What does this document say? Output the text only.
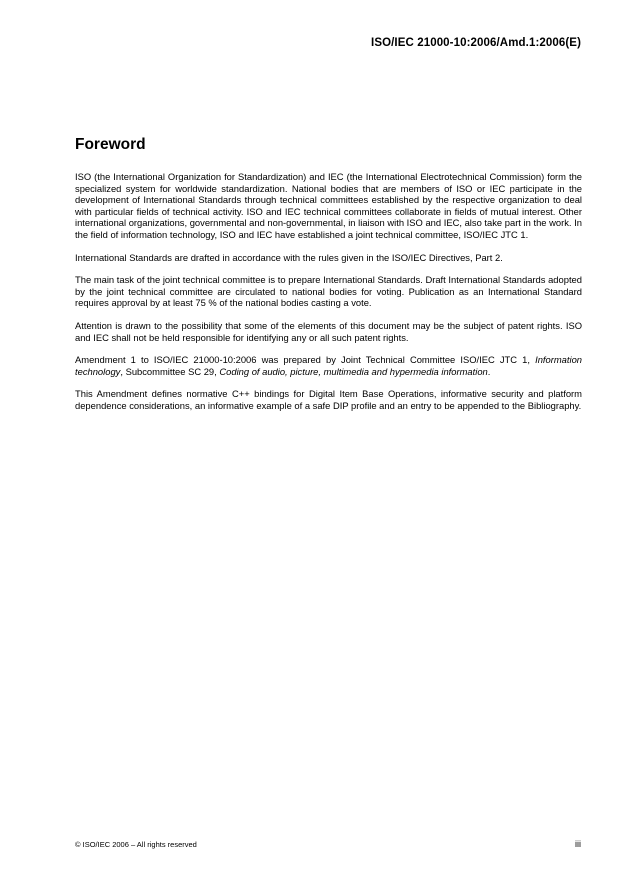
ISO/IEC 21000-10:2006/Amd.1:2006(E)
Foreword

ISO (the International Organization for Standardization) and IEC (the International Electrotechnical Commission) form the specialized system for worldwide standardization. National bodies that are members of ISO or IEC participate in the development of International Standards through technical committees established by the respective organization to deal with particular fields of technical activity. ISO and IEC technical committees collaborate in fields of mutual interest. Other international organizations, governmental and non-governmental, in liaison with ISO and IEC, also take part in the work. In the field of information technology, ISO and IEC have established a joint technical committee, ISO/IEC JTC 1.

International Standards are drafted in accordance with the rules given in the ISO/IEC Directives, Part 2.

The main task of the joint technical committee is to prepare International Standards. Draft International Standards adopted by the joint technical committee are circulated to national bodies for voting. Publication as an International Standard requires approval by at least 75 % of the national bodies casting a vote.

Attention is drawn to the possibility that some of the elements of this document may be the subject of patent rights. ISO and IEC shall not be held responsible for identifying any or all such patent rights.

Amendment 1 to ISO/IEC 21000-10:2006 was prepared by Joint Technical Committee ISO/IEC JTC 1, Information technology, Subcommittee SC 29, Coding of audio, picture, multimedia and hypermedia information.

This Amendment defines normative C++ bindings for Digital Item Base Operations, informative security and platform dependence considerations, an informative example of a safe DIP profile and an entry to be appended to the Bibliography.

© ISO/IEC 2006 – All rights reserved	iii
